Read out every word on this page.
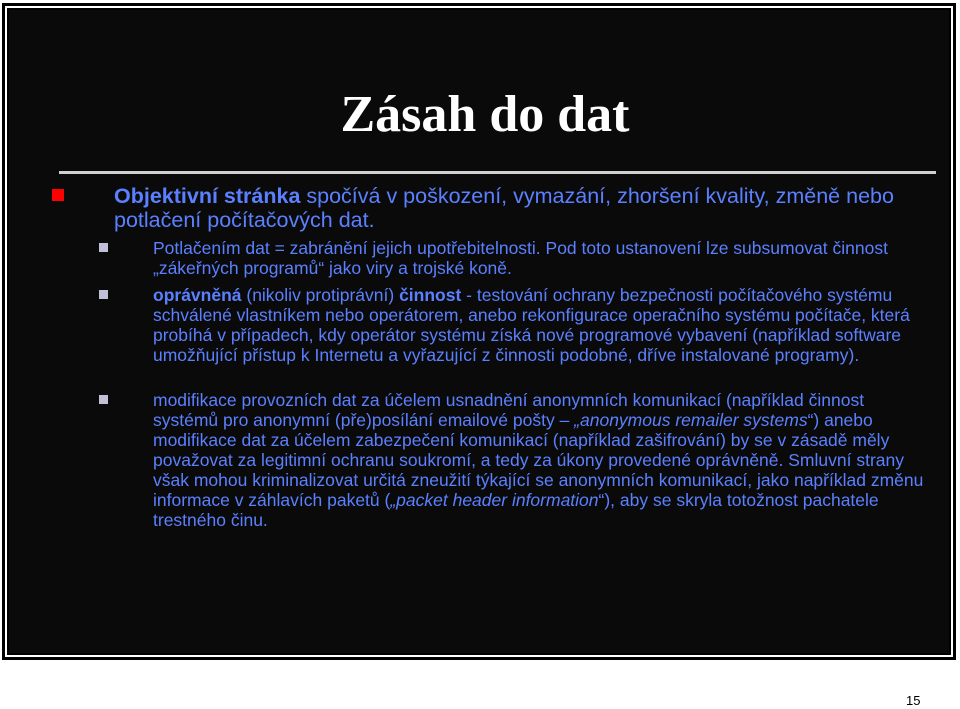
Zásah do dat
Objektivní stránka spočívá v poškození, vymazání, zhoršení kvality, změně nebo potlačení počítačových dat.
Potlačením dat = zabránění jejich upotřebitelnosti. Pod toto ustanovení lze subsumovat činnost „zákeřných programů“ jako viry a trojské koně.
oprávněná (nikoliv protiprávní) činnost - testování ochrany bezpečnosti počítačového systému schválené vlastníkem nebo operátorem, anebo rekonfigurace operačního systému počítače, která probíhá v případech, kdy operátor systému získá nové programové vybavení (například software umožňující přístup k Internetu a vyřazující z činnosti podobné, dříve instalované programy).
modifikace provozních dat za účelem usnadnění anonymních komunikací (například činnost systémů pro anonymní (pře)posílání emailové pošty – „anonymous remailer systems“) anebo modifikace dat za účelem zabezpečení komunikací (například zašifrování) by se v zásadě měly považovat za legitimní ochranu soukromí, a tedy za úkony provedené oprávněně. Smluvní strany však mohou kriminalizovat určitá zneužití týkající se anonymních komunikací, jako například změnu informace v záhlavích paketů („packet header information“), aby se skryla totožnost pachatele trestného činu.
15
